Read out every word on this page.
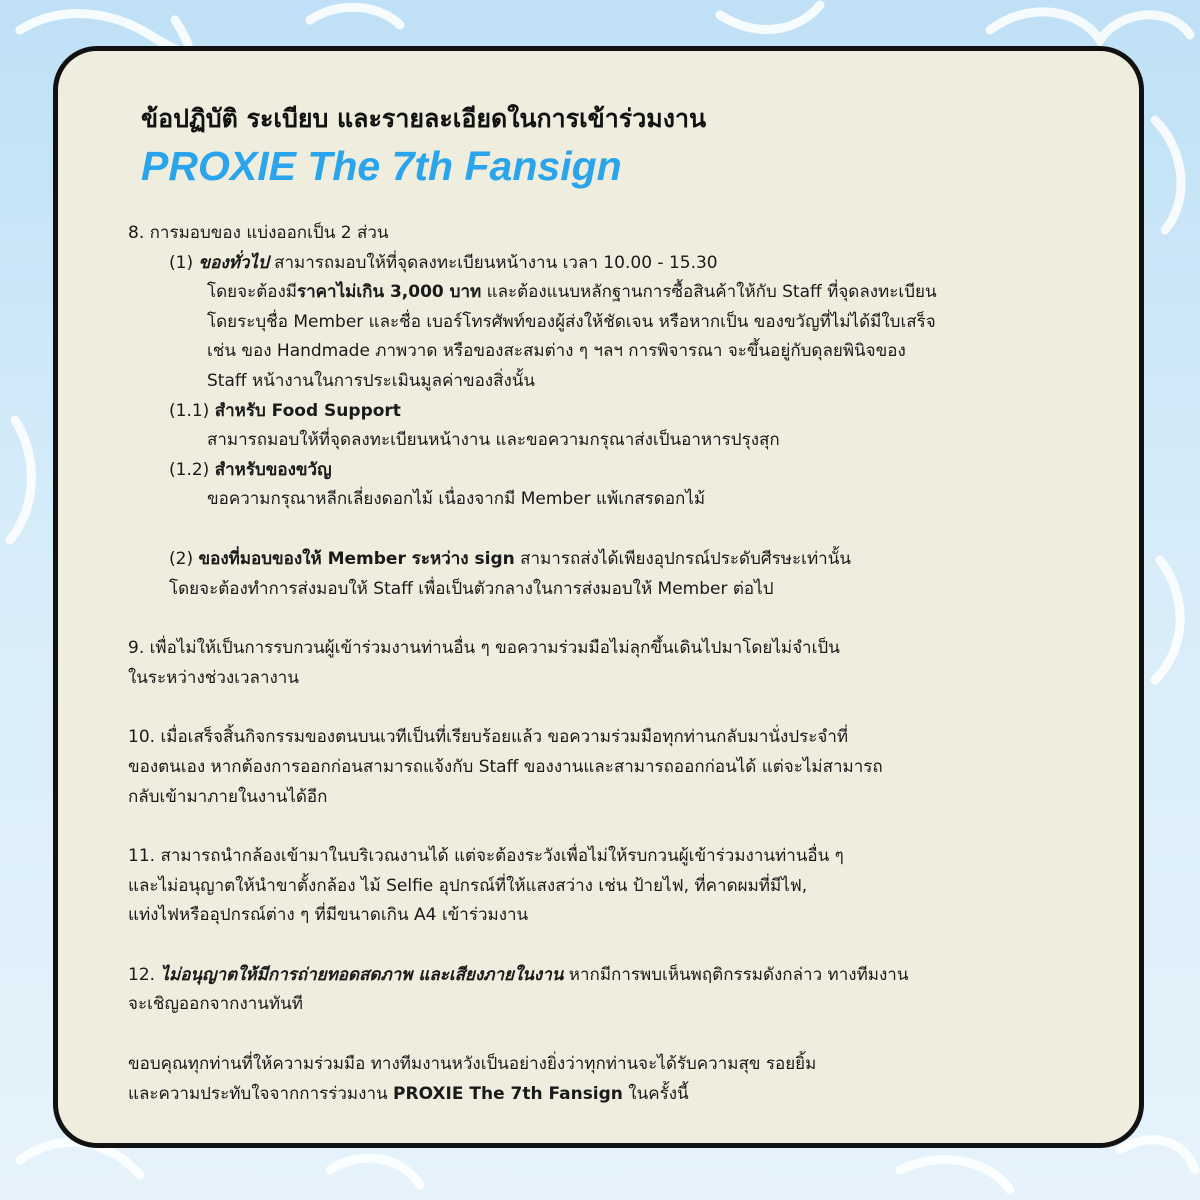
ข้อปฏิบัติ ระเบียบ และรายละเอียดในการเข้าร่วมงาน

PROXIE The 7th Fansign

8. การมอบของ แบ่งออกเป็น 2 ส่วน
(1) ของทั่วไป สามารถมอบให้ที่จุดลงทะเบียนหน้างาน เวลา 10.00 - 15.30
โดยจะต้องมีราคาไม่เกิน 3,000 บาท และต้องแนบหลักฐานการซื้อสินค้าให้กับ Staff ที่จุดลงทะเบียน
โดยระบุชื่อ Member และชื่อ เบอร์โทรศัพท์ของผู้ส่งให้ชัดเจน หรือหากเป็น ของขวัญที่ไม่ได้มีใบเสร็จ
เช่น ของ Handmade ภาพวาด หรือของสะสมต่าง ๆ ฯลฯ การพิจารณา จะขึ้นอยู่กับดุลยพินิจของ
Staff หน้างานในการประเมินมูลค่าของสิ่งนั้น
(1.1) สำหรับ Food Support
สามารถมอบให้ที่จุดลงทะเบียนหน้างาน และขอความกรุณาส่งเป็นอาหารปรุงสุก
(1.2) สำหรับของขวัญ
ขอความกรุณาหลีกเลี่ยงดอกไม้ เนื่องจากมี Member แพ้เกสรดอกไม้
(2) ของที่มอบของให้ Member ระหว่าง sign สามารถส่งได้เพียงอุปกรณ์ประดับศีรษะเท่านั้น
โดยจะต้องทำการส่งมอบให้ Staff เพื่อเป็นตัวกลางในการส่งมอบให้ Member ต่อไป
9. เพื่อไม่ให้เป็นการรบกวนผู้เข้าร่วมงานท่านอื่น ๆ ขอความร่วมมือไม่ลุกขึ้นเดินไปมาโดยไม่จำเป็น
ในระหว่างช่วงเวลางาน
10. เมื่อเสร็จสิ้นกิจกรรมของตนบนเวทีเป็นที่เรียบร้อยแล้ว ขอความร่วมมือทุกท่านกลับมานั่งประจำที่
ของตนเอง หากต้องการออกก่อนสามารถแจ้งกับ Staff ของงานและสามารถออกก่อนได้ แต่จะไม่สามารถ
กลับเข้ามาภายในงานได้อีก
11. สามารถนำกล้องเข้ามาในบริเวณงานได้ แต่จะต้องระวังเพื่อไม่ให้รบกวนผู้เข้าร่วมงานท่านอื่น ๆ
และไม่อนุญาตให้นำขาตั้งกล้อง ไม้ Selfie อุปกรณ์ที่ให้แสงสว่าง เช่น ป้ายไฟ, ที่คาดผมที่มีไฟ,
แท่งไฟหรืออุปกรณ์ต่าง ๆ ที่มีขนาดเกิน A4 เข้าร่วมงาน
12. ไม่อนุญาตให้มีการถ่ายทอดสดภาพ และเสียงภายในงาน หากมีการพบเห็นพฤติกรรมดังกล่าว ทางทีมงาน
จะเชิญออกจากงานทันที
ขอบคุณทุกท่านที่ให้ความร่วมมือ ทางทีมงานหวังเป็นอย่างยิ่งว่าทุกท่านจะได้รับความสุข รอยยิ้ม
และความประทับใจจากการร่วมงาน PROXIE The 7th Fansign ในครั้งนี้
